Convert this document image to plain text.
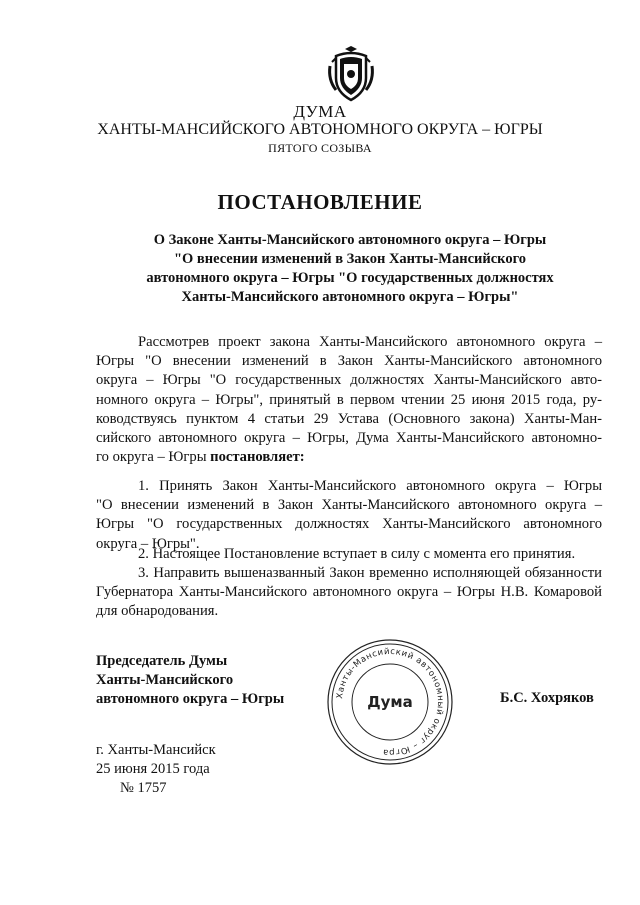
ДУМА
ХАНТЫ-МАНСИЙСКОГО АВТОНОМНОГО ОКРУГА – ЮГРЫ
ПЯТОГО СОЗЫВА
ПОСТАНОВЛЕНИЕ
О Законе Ханты-Мансийского автономного округа – Югры
"О внесении изменений в Закон Ханты-Мансийского
автономного округа – Югры "О государственных должностях
Ханты-Мансийского автономного округа – Югры"
Рассмотрев проект закона Ханты-Мансийского автономного округа –
Югры "О внесении изменений в Закон Ханты-Мансийского автономного
округа – Югры "О государственных должностях Ханты-Мансийского авто-
номного округа – Югры", принятый в первом чтении 25 июня 2015 года, ру-
ководствуясь пунктом 4 статьи 29 Устава (Основного закона) Ханты-Ман-
сийского автономного округа – Югры, Дума Ханты-Мансийского автономно-
го округа – Югры постановляет:
1. Принять Закон Ханты-Мансийского автономного округа – Югры
"О внесении изменений в Закон Ханты-Мансийского автономного округа –
Югры "О государственных должностях Ханты-Мансийского автономного
округа – Югры".
2. Настоящее Постановление вступает в силу с момента его принятия.
3. Направить вышеназванный Закон временно исполняющей обязанности
Губернатора Ханты-Мансийского автономного округа – Югры Н.В. Комаровой
для обнародования.
Председатель Думы
Ханты-Мансийского
автономного округа – Югры	Ханты-Мансийский автономный округ – Югра
Дума	Б.С. Хохряков
г. Ханты-Мансийск
25 июня 2015 года
№ 1757
